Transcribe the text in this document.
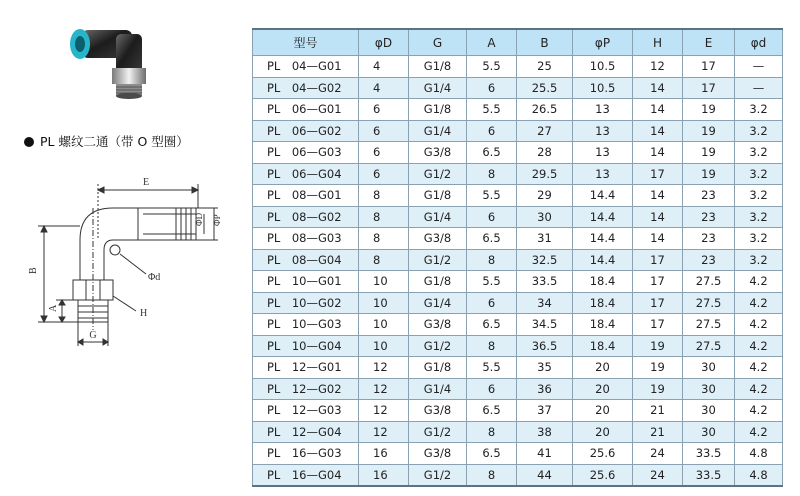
PL 螺纹二通（带 O 型圈）
E
ΦD ΦP
Φd
H
B
A
G
型号	φD	G	A	B	φP	H	E	φd
PL　04—G01	4	G1/8	5.5	25	10.5	12	17	—
PL　04—G02	4	G1/4	6	25.5	10.5	14	17	—
PL　06—G01	6	G1/8	5.5	26.5	13	14	19	3.2
PL　06—G02	6	G1/4	6	27	13	14	19	3.2
PL　06—G03	6	G3/8	6.5	28	13	14	19	3.2
PL　06—G04	6	G1/2	8	29.5	13	17	19	3.2
PL　08—G01	8	G1/8	5.5	29	14.4	14	23	3.2
PL　08—G02	8	G1/4	6	30	14.4	14	23	3.2
PL　08—G03	8	G3/8	6.5	31	14.4	14	23	3.2
PL　08—G04	8	G1/2	8	32.5	14.4	17	23	3.2
PL　10—G01	10	G1/8	5.5	33.5	18.4	17	27.5	4.2
PL　10—G02	10	G1/4	6	34	18.4	17	27.5	4.2
PL　10—G03	10	G3/8	6.5	34.5	18.4	17	27.5	4.2
PL　10—G04	10	G1/2	8	36.5	18.4	19	27.5	4.2
PL　12—G01	12	G1/8	5.5	35	20	19	30	4.2
PL　12—G02	12	G1/4	6	36	20	19	30	4.2
PL　12—G03	12	G3/8	6.5	37	20	21	30	4.2
PL　12—G04	12	G1/2	8	38	20	21	30	4.2
PL　16—G03	16	G3/8	6.5	41	25.6	24	33.5	4.8
PL　16—G04	16	G1/2	8	44	25.6	24	33.5	4.8
